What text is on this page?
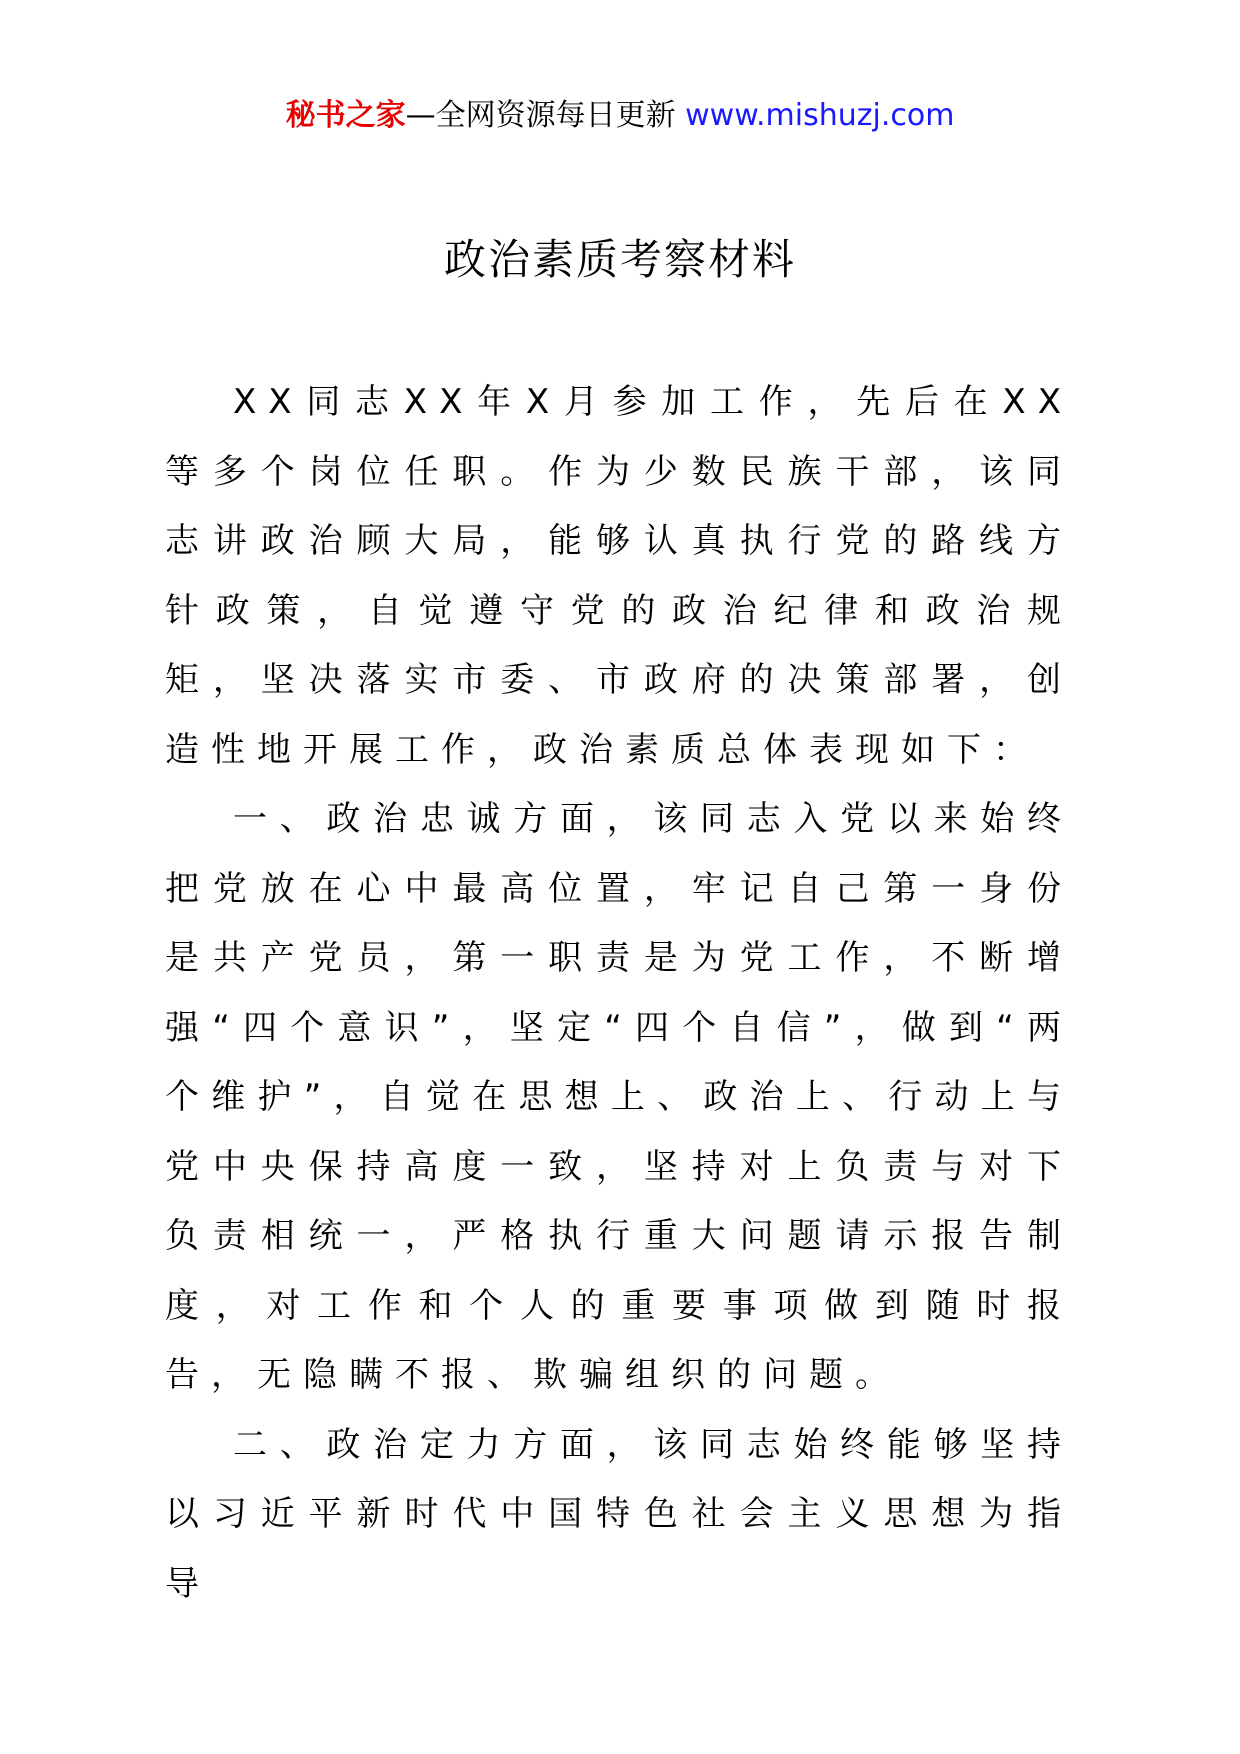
秘书之家—全网资源每日更新 www.mishuzj.com
政治素质考察材料

XX同志XX年X月参加工作，先后在XX等多个岗位任职。作为少数民族干部，该同志讲政治顾大局，能够认真执行党的路线方针政策，自觉遵守党的政治纪律和政治规矩，坚决落实市委、市政府的决策部署，创造性地开展工作，政治素质总体表现如下：

一、政治忠诚方面，该同志入党以来始终把党放在心中最高位置，牢记自己第一身份是共产党员，第一职责是为党工作，不断增强“四个意识”，坚定“四个自信”，做到“两个维护”，自觉在思想上、政治上、行动上与党中央保持高度一致，坚持对上负责与对下负责相统一，严格执行重大问题请示报告制度，对工作和个人的重要事项做到随时报告，无隐瞒不报、欺骗组织的问题。

二、政治定力方面，该同志始终能够坚持以习近平新时代中国特色社会主义思想为指导
